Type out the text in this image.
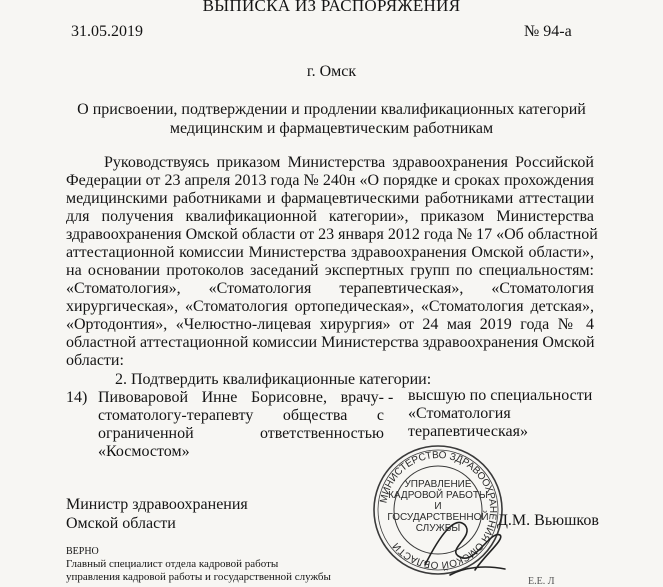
ВЫПИСКА ИЗ РАСПОРЯЖЕНИЯ
31.05.2019	№ 94-а
г. Омск
О присвоении, подтверждении и продлении квалификационных категорий
медицинским и фармацевтическим работникам
Руководствуясь приказом Министерства здравоохранения Российской
Федерации от 23 апреля 2013 года № 240н «О порядке и сроках прохождения
медицинскими работниками и фармацевтическими работниками аттестации
для получения квалификационной категории», приказом Министерства
здравоохранения Омской области от 23 января 2012 года № 17 «Об областной
аттестационной комиссии Министерства здравоохранения Омской области»,
на основании протоколов заседаний экспертных групп по специальностям:
«Стоматология», «Стоматология терапевтическая», «Стоматология
хирургическая», «Стоматология ортопедическая», «Стоматология детская»,
«Ортодонтия», «Челюстно-лицевая хирургия» от 24 мая 2019 года № 4
областной аттестационной комиссии Министерства здравоохранения Омской
области:
2. Подтвердить квалификационные категории:
14) Пивоваровой Инне Борисовне, врачу-
стоматологу-терапевту общества с
ограниченной ответственностью
«Космостом»
- высшую по специальности
«Стоматология
терапевтическая»
Министр здравоохранения
Омской области
МИНИСТЕРСТВО ЗДРАВООХРАНЕНИЯ ОМСКОЙ ОБЛАСТИ
УПРАВЛЕНИЕ
КАДРОВОЙ РАБОТЫ
И
ГОСУДАРСТВЕННОЙ
СЛУЖБЫ Д.М. Вьюшков
ВЕРНО
Главный специалист отдела кадровой работы
управления кадровой работы и государственной службы	Е.Е. Л
